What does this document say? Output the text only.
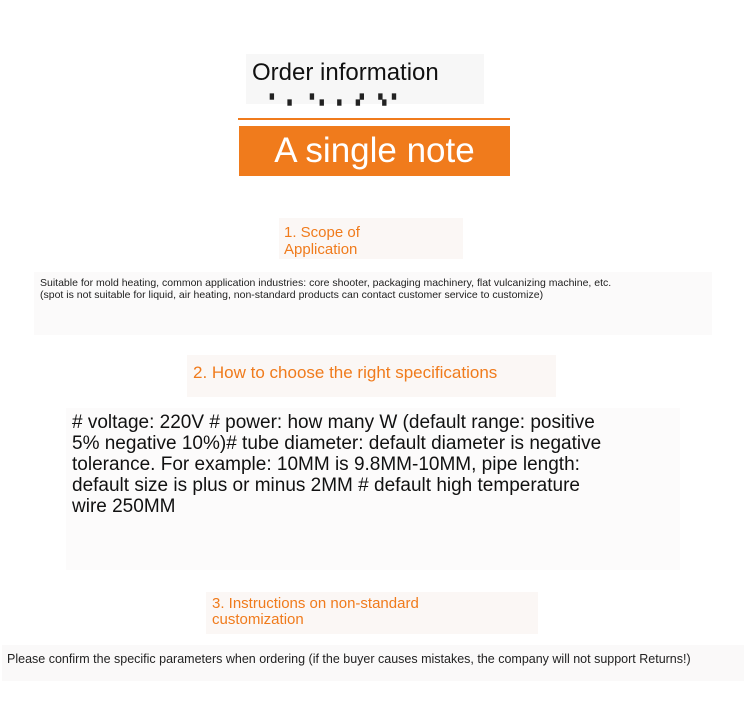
Order information
▘▗ ▝▖▗ ▞ ▚▘
A single note
1. Scope of
Application
Suitable for mold heating, common application industries: core shooter, packaging machinery, flat vulcanizing machine, etc.
(spot is not suitable for liquid, air heating, non-standard products can contact customer service to customize)
2. How to choose the right specifications
# voltage: 220V # power: how many W (default range: positive
5% negative 10%)# tube diameter: default diameter is negative
tolerance. For example: 10MM is 9.8MM-10MM, pipe length:
default size is plus or minus 2MM # default high temperature
wire 250MM
3. Instructions on non-standard
customization
Please confirm the specific parameters when ordering (if the buyer causes mistakes, the company will not support Returns!)
